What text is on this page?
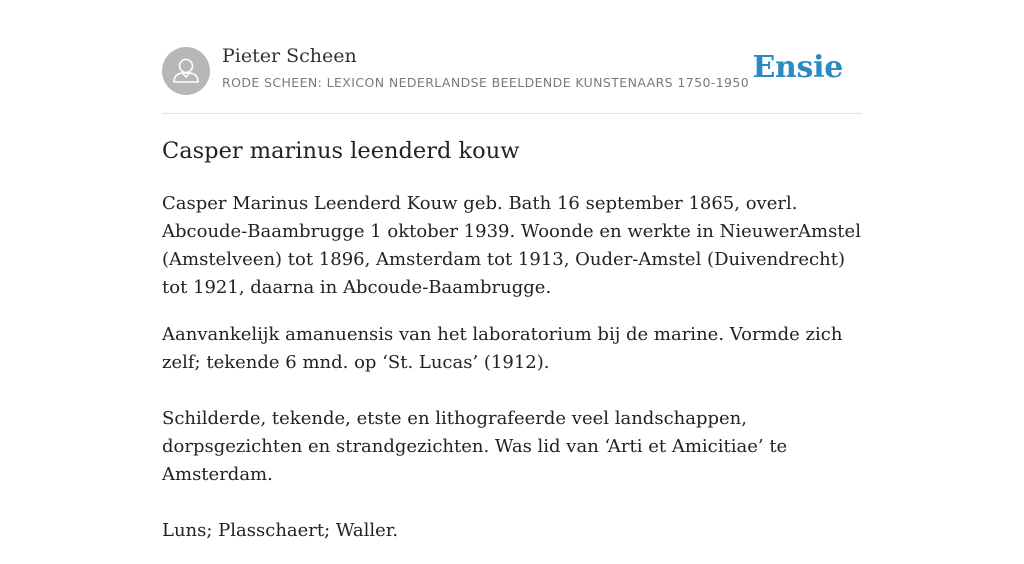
Pieter Scheen
RODE SCHEEN: LEXICON NEDERLANDSE BEELDENDE KUNSTENAARS 1750-1950 Ensie
Casper marinus leenderd kouw

Casper Marinus Leenderd Kouw geb. Bath 16 september 1865, overl. Abcoude-Baambrugge 1 oktober 1939. Woonde en werkte in NieuwerAmstel (Amstelveen) tot 1896, Amsterdam tot 1913, Ouder-Amstel (Duivendrecht) tot 1921, daarna in Abcoude-Baambrugge.

Aanvankelijk amanuensis van het laboratorium bij de marine. Vormde zich zelf; tekende 6 mnd. op ‘St. Lucas’ (1912).

Schilderde, tekende, etste en lithografeerde veel landschappen, dorpsgezichten en strandgezichten. Was lid van ‘Arti et Amicitiae’ te Amsterdam.

Luns; Plasschaert; Waller.
